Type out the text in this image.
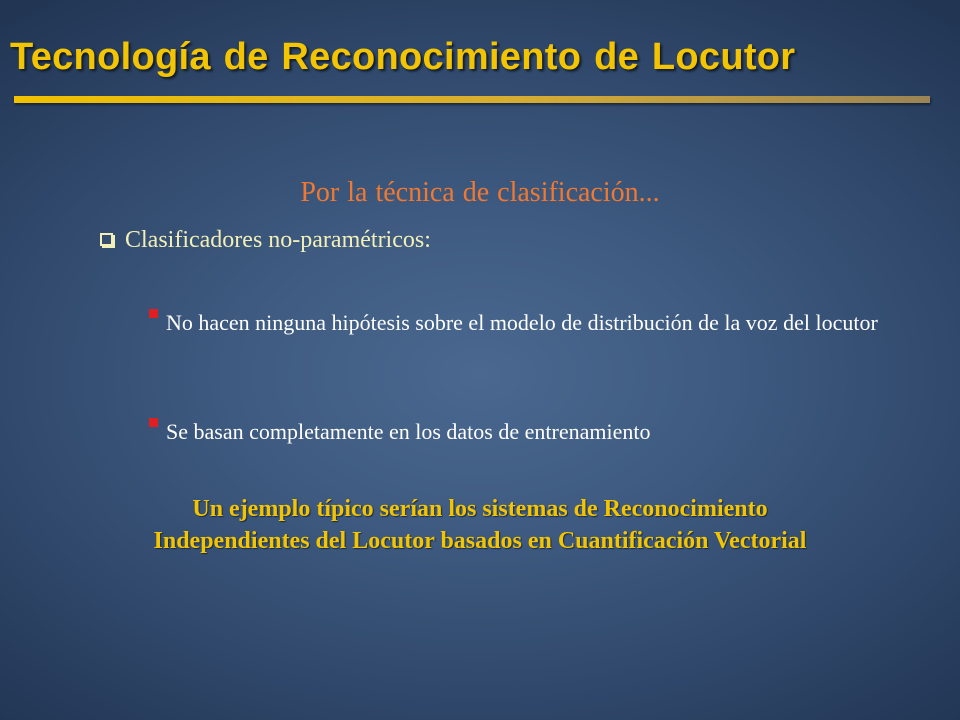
Tecnología de Reconocimiento de Locutor
Por la técnica de clasificación...
Clasificadores no-paramétricos:
No hacen ninguna hipótesis sobre el modelo de distribución de la voz del locutor
Se basan completamente en los datos de entrenamiento
Un ejemplo típico serían los sistemas de Reconocimiento
Independientes del Locutor basados en Cuantificación Vectorial
